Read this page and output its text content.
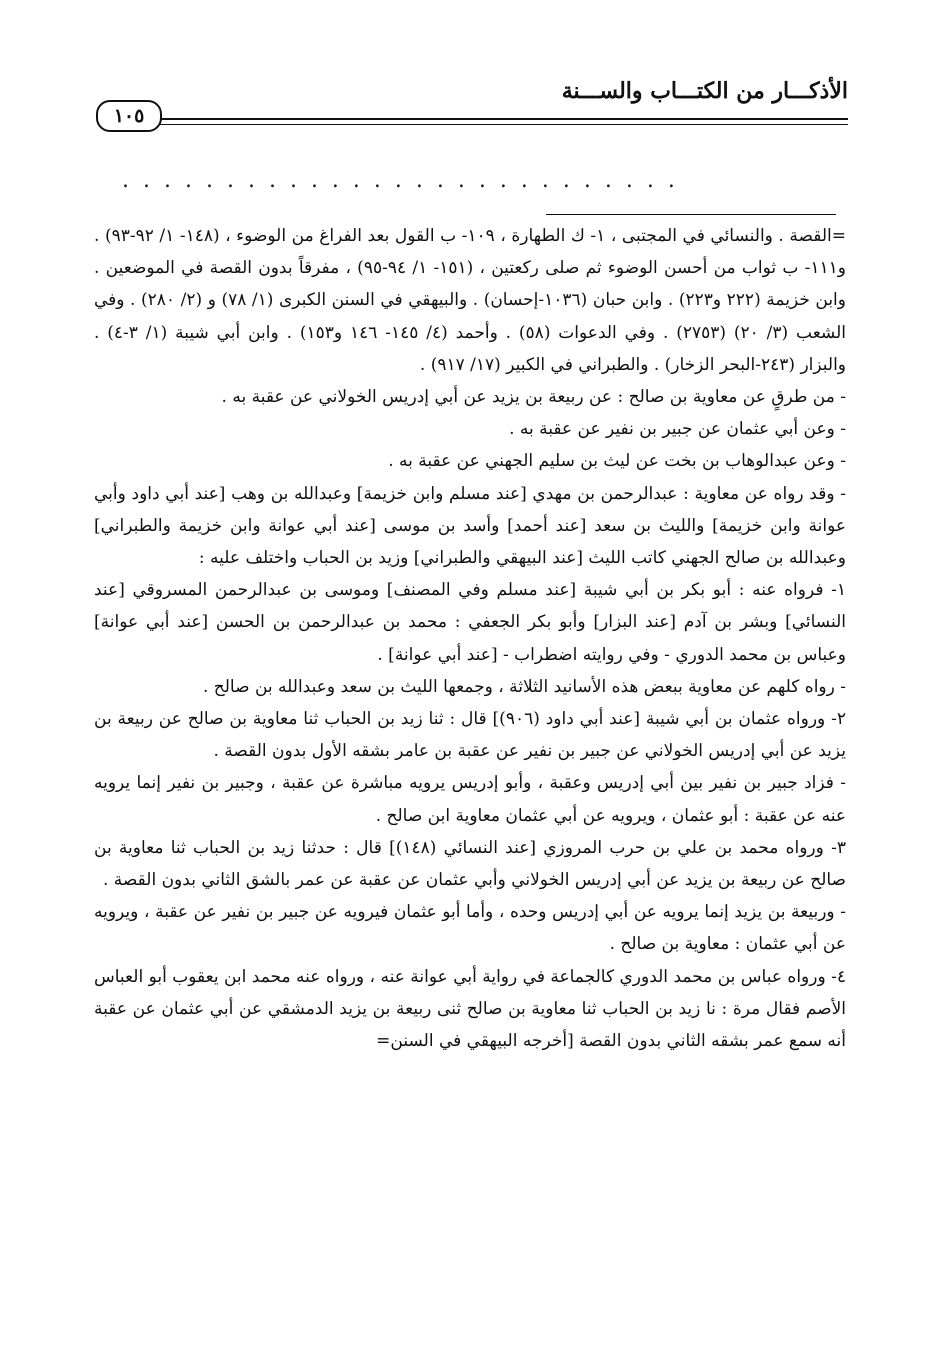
الأذكـــار من الكتـــاب والســـنة
١٠٥
...........................

=القصة . والنسائي في المجتبى ، ١- ك الطهارة ، ١٠٩- ب القول بعد الفراغ من الوضوء ، (١٤٨- ١/ ٩٢-٩٣) . و١١١- ب ثواب من أحسن الوضوء ثم صلى ركعتين ، (١٥١- ١/ ٩٤-٩٥) ، مفرقاً بدون القصة في الموضعين . وابن خزيمة (٢٢٢ و٢٢٣) . وابن حبان (١٠٣٦-إحسان) . والبيهقي في السنن الكبرى (١/ ٧٨) و (٢/ ٢٨٠) . وفي الشعب (٣/ ٢٠) (٢٧٥٣) . وفي الدعوات (٥٨) . وأحمد (٤/ ١٤٥- ١٤٦ و١٥٣) . وابن أبي شيبة (١/ ٣-٤) . والبزار (٢٤٣-البحر الزخار) . والطبراني في الكبير (١٧/ ٩١٧) .

- من طرقٍ عن معاوية بن صالح : عن ربيعة بن يزيد عن أبي إدريس الخولاني عن عقبة به .

- وعن أبي عثمان عن جبير بن نفير عن عقبة به .

- وعن عبدالوهاب بن بخت عن ليث بن سليم الجهني عن عقبة به .

- وقد رواه عن معاوية : عبدالرحمن بن مهدي [عند مسلم وابن خزيمة] وعبدالله بن وهب [عند أبي داود وأبي عوانة وابن خزيمة] والليث بن سعد [عند أحمد] وأسد بن موسى [عند أبي عوانة وابن خزيمة والطبراني] وعبدالله بن صالح الجهني كاتب الليث [عند البيهقي والطبراني] وزيد بن الحباب واختلف عليه :

١- فرواه عنه : أبو بكر بن أبي شيبة [عند مسلم وفي المصنف] وموسى بن عبدالرحمن المسروقي [عند النسائي] وبشر بن آدم [عند البزار] وأبو بكر الجعفي : محمد بن عبدالرحمن بن الحسن [عند أبي عوانة] وعباس بن محمد الدوري - وفي روايته اضطراب - [عند أبي عوانة] .

- رواه كلهم عن معاوية ببعض هذه الأسانيد الثلاثة ، وجمعها الليث بن سعد وعبدالله بن صالح .

٢- ورواه عثمان بن أبي شيبة [عند أبي داود (٩٠٦)] قال : ثنا زيد بن الحباب ثنا معاوية بن صالح عن ربيعة بن يزيد عن أبي إدريس الخولاني عن جبير بن نفير عن عقبة بن عامر بشقه الأول بدون القصة .

- فزاد جبير بن نفير بين أبي إدريس وعقبة ، وأبو إدريس يرويه مباشرة عن عقبة ، وجبير بن نفير إنما يرويه عنه عن عقبة : أبو عثمان ، ويرويه عن أبي عثمان معاوية ابن صالح .

٣- ورواه محمد بن علي بن حرب المروزي [عند النسائي (١٤٨)] قال : حدثنا زيد بن الحباب ثنا معاوية بن صالح عن ربيعة بن يزيد عن أبي إدريس الخولاني وأبي عثمان عن عقبة عن عمر بالشق الثاني بدون القصة .

- وربيعة بن يزيد إنما يرويه عن أبي إدريس وحده ، وأما أبو عثمان فيرويه عن جبير بن نفير عن عقبة ، ويرويه عن أبي عثمان : معاوية بن صالح .

٤- ورواه عباس بن محمد الدوري كالجماعة في رواية أبي عوانة عنه ، ورواه عنه محمد ابن يعقوب أبو العباس الأصم فقال مرة : نا زيد بن الحباب ثنا معاوية بن صالح ثنى ربيعة بن يزيد الدمشقي عن أبي عثمان عن عقبة أنه سمع عمر بشقه الثاني بدون القصة [أخرجه البيهقي في السنن=
